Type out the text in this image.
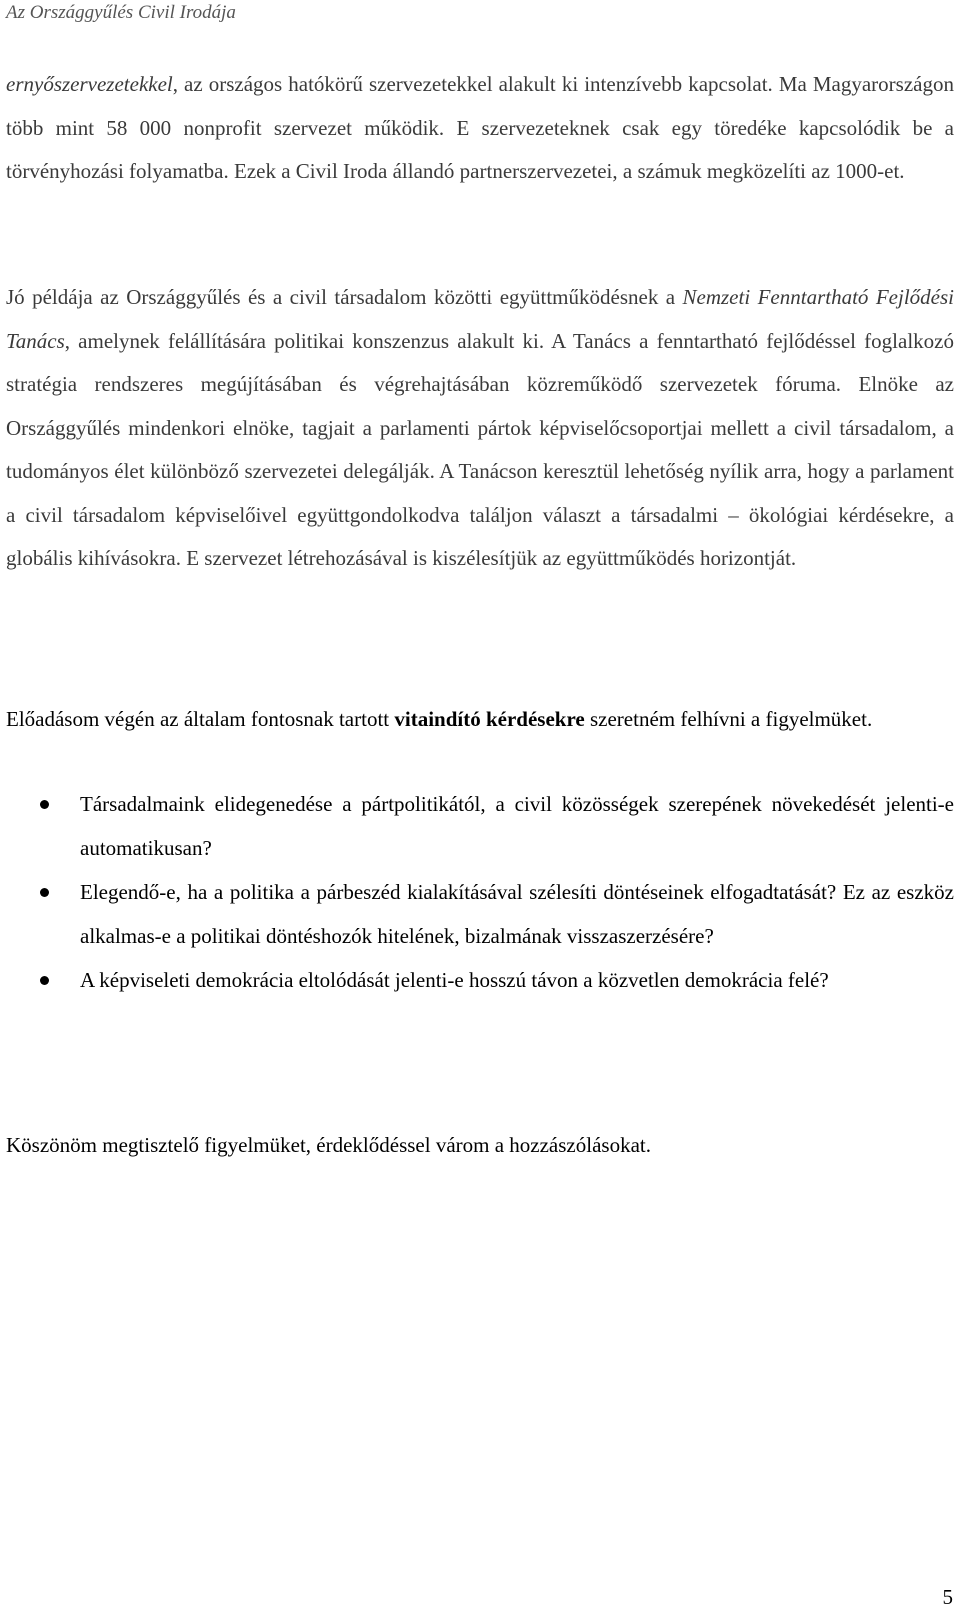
Az Országgyűlés Civil Irodája

ernyőszervezetekkel, az országos hatókörű szervezetekkel alakult ki intenzívebb kapcsolat. Ma Magyarországon több mint 58 000 nonprofit szervezet működik. E szervezeteknek csak egy töredéke kapcsolódik be a törvényhozási folyamatba. Ezek a Civil Iroda állandó partnerszervezetei, a számuk megközelíti az 1000-et.

Jó példája az Országgyűlés és a civil társadalom közötti együttműködésnek a Nemzeti Fenntartható Fejlődési Tanács, amelynek felállítására politikai konszenzus alakult ki. A Tanács a fenntartható fejlődéssel foglalkozó stratégia rendszeres megújításában és végrehajtásában közreműködő szervezetek fóruma. Elnöke az Országgyűlés mindenkori elnöke, tagjait a parlamenti pártok képviselőcsoportjai mellett a civil társadalom, a tudományos élet különböző szervezetei delegálják. A Tanácson keresztül lehetőség nyílik arra, hogy a parlament a civil társadalom képviselőivel együttgondolkodva találjon választ a társadalmi – ökológiai kérdésekre, a globális kihívásokra. E szervezet létrehozásával is kiszélesítjük az együttműködés horizontját.

Előadásom végén az általam fontosnak tartott vitaindító kérdésekre szeretném felhívni a figyelmüket.

Társadalmaink elidegenedése a pártpolitikától, a civil közösségek szerepének növekedését jelenti-e automatikusan?
Elegendő-e, ha a politika a párbeszéd kialakításával szélesíti döntéseinek elfogadtatását? Ez az eszköz alkalmas-e a politikai döntéshozók hitelének, bizalmának visszaszerzésére?
A képviseleti demokrácia eltolódását jelenti-e hosszú távon a közvetlen demokrácia felé?

Köszönöm megtisztelő figyelmüket, érdeklődéssel várom a hozzászólásokat.

5
